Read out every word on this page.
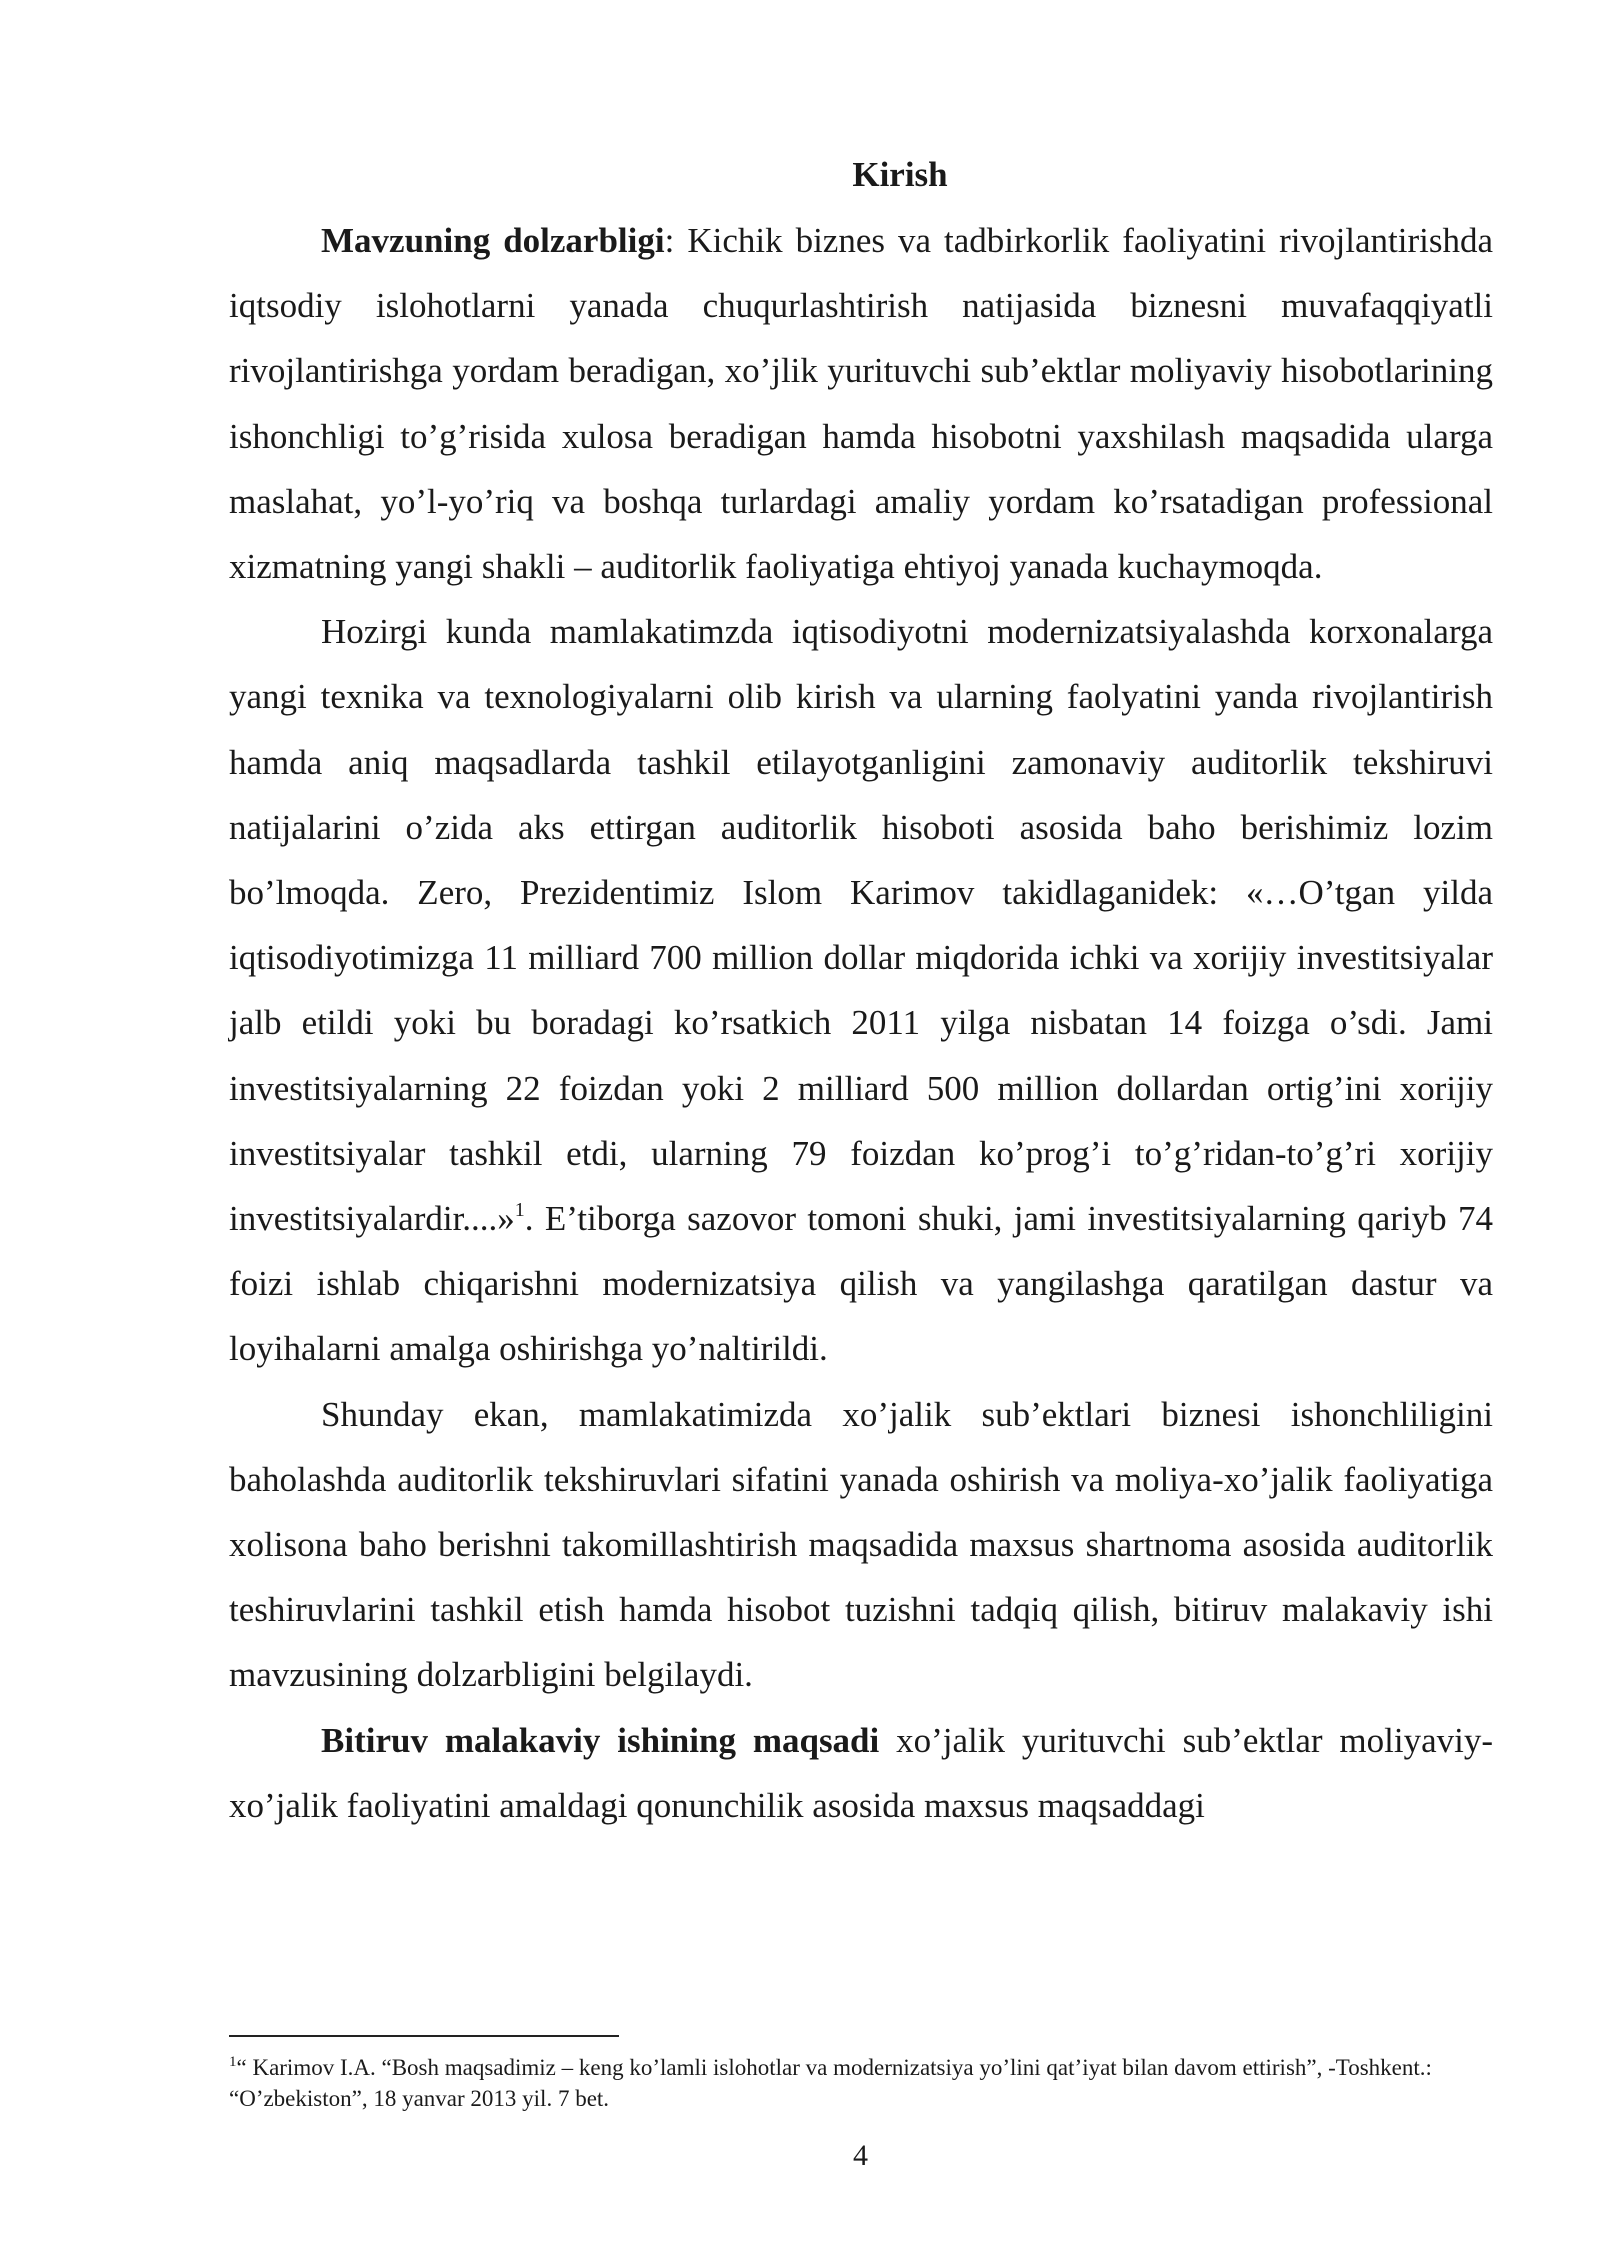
Kirish

Mavzuning dolzarbligi: Kichik biznes va tadbirkorlik faoliyatini rivojlantirishda iqtsodiy islohotlarni yanada chuqurlashtirish natijasida biznesni muvafaqqiyatli rivojlantirishga yordam beradigan, xo’jlik yurituvchi sub’ektlar moliyaviy hisobotlarining ishonchligi to’g’risida xulosa beradigan hamda hisobotni yaxshilash maqsadida ularga maslahat, yo’l-yo’riq va boshqa turlardagi amaliy yordam ko’rsatadigan professional xizmatning yangi shakli – auditorlik faoliyatiga ehtiyoj yanada kuchaymoqda.

Hozirgi kunda mamlakatimzda iqtisodiyotni modernizatsiyalashda korxonalarga yangi texnika va texnologiyalarni olib kirish va ularning faolyatini yanda rivojlantirish hamda aniq maqsadlarda tashkil etilayotganligini zamonaviy auditorlik tekshiruvi natijalarini o’zida aks ettirgan auditorlik hisoboti asosida baho berishimiz lozim bo’lmoqda. Zero, Prezidentimiz Islom Karimov takidlaganidek: «…O’tgan yilda iqtisodiyotimizga 11 milliard 700 million dollar miqdorida ichki va xorijiy investitsiyalar jalb etildi yoki bu boradagi ko’rsatkich 2011 yilga nisbatan 14 foizga o’sdi. Jami investitsiyalarning 22 foizdan yoki 2 milliard 500 million dollardan ortig’ini xorijiy investitsiyalar tashkil etdi, ularning 79 foizdan ko’prog’i to’g’ridan-to’g’ri xorijiy investitsiyalardir....»$^1$. E’tiborga sazovor tomoni shuki, jami investitsiyalarning qariyb 74 foizi ishlab chiqarishni modernizatsiya qilish va yangilashga qaratilgan dastur va loyihalarni amalga oshirishga yo’naltirildi.

Shunday ekan, mamlakatimizda xo’jalik sub’ektlari biznesi ishonchliligini baholashda auditorlik tekshiruvlari sifatini yanada oshirish va moliya-xo’jalik faoliyatiga xolisona baho berishni takomillashtirish maqsadida maxsus shartnoma asosida auditorlik teshiruvlarini tashkil etish hamda hisobot tuzishni tadqiq qilish, bitiruv malakaviy ishi mavzusining dolzarbligini belgilaydi.

Bitiruv malakaviy ishining maqsadi xo’jalik yurituvchi sub’ektlar moliyaviy-xo’jalik faoliyatini amaldagi qonunchilik asosida maxsus maqsaddagi

$^1$“ Karimov I.A. “Bosh maqsadimiz – keng ko’lamli islohotlar va modernizatsiya yo’lini qat’iyat bilan davom ettirish”, -Toshkent.: “O’zbekiston”, 18 yanvar 2013 yil. 7 bet.

4
